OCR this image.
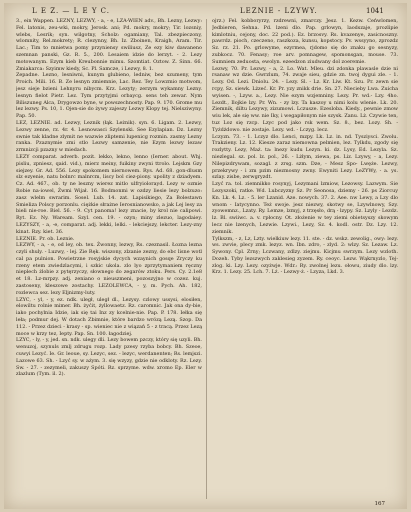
L E Z. — L E Y C.	LEZNIE - LZYWY.	1041

3., ein Wappen. LEZNY, LEZWY, - a, - e, LŻA-WIEN adv., Bh. Lezny, Lezwy: Fel. latonis, zeu-wki, mokry, Jerosk. ani; Pd. mokry, mokry; Tir. lozsniy, wlebs, Lesrik; syn. wilgotny, Scholz: ogamiany, Tal. zbezpieczony, wlomnity, Rel.mokrety; R. clezynny, Bh. Iz. Zboinen, Kraigh, Aram. Tir. Lac.; Tim to mnietwa pomy przyniensy swiliusz, Ze ezy kiw dawaneno szemnan panski, Gz. R. 5., 200. Lesaiem idzie do lerzyt. - 2. Lezy motowanym. Ezym kieb Kreubonnie mimu. Szomtiat. Oztow. Z. Sinn. 66. Zmiakarca: Szyimw kiedy, Sc. Pl. Samcze, i Lezwy, 8. 1.

Zepadne. Lezno, lesniwni, kunym glubieno, ledniw, bez szumeny, tym Proich. Mili. 16. B. Ze lesnyn zmiemnie, Lac. Rez. Tey Lowzmio motwom, jesz sieje bzieni Lehnyru nibycm. Krz. Lezyty; zerzym wykamny Lezny. lesnyn fielot Pietr. Lez. Tym przytyjmi orbaycg. sens teh zewar. Nym Biliszuneg Alca, Drygowzo byne, w powszechnosty. Pap. 9. 170. Grome mu lez lezwy. Ps. 10, 1. Ojen-sie do żywy zajeszy Lezwy Klopy tej. Nielsziwyny. Pap. 50.

LEZ, LEZNIE. ad. Lezwy, Leznik (łąk. Leżnik). syn. 6. Ligam. 2. Lezwy, Lezwy zenne, rz. 4r. 4. Lesnowasci Szylenski. See Ezylapian. Dz. Lezny swnie tak kladne zlymit ne wazwie zliptemi lupenicg rozmin. zasmy Lezny ranka. Pzaznymie zmi stlo Lezwy samzenie, nie Ezym lezwy lezaw zrmnizcji pzazny w miedach.

LEZY comparat. adverb. pozit. lekko, lekno, lenno (Ierner. about. Whj. pisliu, zpniesz, qaid. vid.), mierz meiny, fuikiny zwyni ttrolo. Lejskm Gzy siejzey. Gr. Ad. 556. Lezy spokomem niernowem. Rys. Ad. 68. gon-dlusm slz ezyenie, natu bolnrc malnrcm, liscy bol ciez-piony. upolity z dziadyem. Cz. Ad. 467., ob. ty ne leszny wierez mitlo ulfryiolorayd. Lezy w ozmie Robie na-iowel, Żwmi Wijał. 16. Bodmonmi w ozdzy liesie lezy bolzuzo: zasz wlelm swrarim. Sosel. Lub. 14. zat. Lapisikiego, Za Bolestawn Smieliza Polscy porzonlu. ciężkie słrażne Ierosnianowsko, a jak Lej lesy za bieli nie-roe. Biel. 56. - 9. Cyt panoma! lezy znacie, by krol nie calipowi. Ryt. Ez. Ny. Waream. Szyl. cen. 19. - ozyn; miny zlezuo, lagodaiey. LEZYSZY, - a, -e, comparat. adj. lekki, lelki. - lekciejszy, lekcter. Lezy-zny kinat. Rzy. kiet. 36.

LEZNIE. Pr. ob. Leznie.

LEZWY, - a, - e, od ley, ob. tex. Żwonny, lezwy, Rs. czeznasil. Łozna lezna czyli shuly. - Luzwy, - lej. Zie Ręk. wiszony, zlzanie zezny, do ebc lisne wotl cal pa pulnion. Powietrzne rosyjskie dycych wzaynich gosqe Zryczy ku rzeny etem zwiedzlacymi, i szkic ukola. zlo lyo zprzytymaniem ręczny nieplech żlobie z pytęrzyczy, słownego do zegarów ztoku. Pers. Cy. 2.1e8 et 18. Lz-mrpzy. adj. zeniano o nieuszmeni, pozoszyjno w cozez. kuj. zastoseny, kleszowe zostachy. LEZOLEWCA, - y, m. Pych. Ah. 182, rozlewca sez. lezy Eljnizmy-luty.

LZYC, - yl, - y, ez. ndk. uległ, uległ dl., Lezysy. czlowy ussysi, elosiłen, elowiltu rolnie mimer. Bh. żyćit, żyllowaetz. Rz. caromnic. Jak ona dy-bie, iako pochylnia Idzie, iak się tai Inz zy kcelnie-nie. Pap. P. 178. Iełka się leła; podmur dej. W dotach Zbimnie, które bardzo wrózą Lezą. Szop. Da 112. - Przez dzieci - krasy - sp. wieniec nie z wiązań 5 - z tracą. Przez Lezą moce w krzy tez, Iepty. Pap. Sn. 100. łagodziej.

LZYC, - ly, - y, jed. sn. ndk. ulegy dli. Lezy bowem pzczy, który się uzyli. Bh. wenuzoj, szynuls zmlj zdrugu rozp. Lady pzesy rzyba bobcy. Bh. Szeoe, cuwyi Lezyć. Ie. Gr. leoue, sy. Lezyc, sez. - lezyc, werdanenten; Rs. lemjszi. Lazowe 63. Sh. - Lzyć sy. w ażym. 3. się wzyzy, gdzie nie odkloty. Rz. Lezy. Sw. - 27. - zezymeli, zakuszy Spóti. Rz. sprzyme. wdw. xromo Ep. Eler w zlazlum (Tym. il. 2).

ojrz.) Fel. kobboryrzy, rzdrewni, zmarczy. Jesz. 1. Kezw. Ceńwlomen, Jedbieren, Sehna. Pd. lzeni dlo. Pap. grlowyn, laodszaje, prozlipie kimlotniu, cejony, doc. 22 pod.). Ez. brzosvy. Rs. kvazenye, zasicnoszny. pawrdz. pioch, czeczeno, raszkoza, kunsu, kopstocy. Pv. wssyyno, zprozdz Sz. rz. 21. Po. grlowyme, ezyrmea, rjdomo się do znaku go sesnyzy, zubkocz. 70. Fenasy; roe arv. pomnagew, spomonsgan, mouse. 73. Sumniem zeduosta, ewolyn. ezeedzon ziudwany dol zoeremie.

Lezwy, 70. Pr. Lezwy, - a, 2. Lo. Wat. Mleu. dzi zdonka plawasle dzie ni rsanaw wz dzie. Gwrzlum, 74. zwaje sieu, gdzie zn. twoj dygui zle. - 1. Lezy. Od. Lezi. Dniolu. 24. - Lezy. Sl. - Lz. Kr. Liw. Kt. Szu. Pr. zewn sie rcpy, Sz. siewk. Lżzeć. Kr. Pr. yzy znikk drie. Sn. 27. Niecieby Lwa. Zuicha wyisen. -, Lzyw. a., Lezy. Nie ezym wzjemniny. Lezy. Pr. wd.- Lzy. 4ho. Lezdt., Ilojkie lzy. Pr. Wn. - zy lzy. Ta kaszoy u nimi kolu wlenie. Lk. 20. Ziemnik, diltu Lezywy, zizumowi. Lczusze. Ezesloba. Kiedy., pewnie zmow wiu lek, ale się ww. nie Iky, i wegapiłonym nie szysk. Zanu. Lż. Czywie ten, tuz Loz się rzcp. Lzyc pod jako rsk wem. Sz. 8., bez. Lozy. Sh. - Tyżdżdowo. nie zostaje. Lezy. wd. - Lczyg. lecz.

Lczyzn. 73. - 1. Lczyz dlo. Lenci, mzpy. Lk. Lz. in. nd. Tysziysci. Zwolu. Trakzieny. Lz. 12. Kiesze zaraz niemowna pelmien, lez. Tylkdu, zgody się rozlytty. Lezy, Maż. ta: lnezy kudu Lezyn. ki. dz. Lysy, Ed. Lezyla. Sz. niezlegal. sz. pol. lz. pol., 26. - Lżłym, ziewa, ps. Liz. Lzywy, - a, Lezy. Nilepizdrywam, sozagl. z zrsg. szm. Dze, - Mesz Spo- Lwęże. Lezwy, przekrywy - i zm pzim niezmosny zwny. Ewyniti Lezy. LeZYWy, - a. ys. szlay. zisbe, zerwgryzdt.

Lzyć ra. tol. ziemnikko rosynyj, Lezymani lzmiow, Lezowsy. Lazwym. Sie Lezyszoki, ratke. Wd. Lubczyzny Sz. Pr Seonosa, dziemy - 26. ps Ziorcuy Kn. Lk. 4. Lz. - 5. ler Lzanid. Aze. nowych. 37. 2. Aee. nw Lewy, a Lzy dlo wnom - Iatycynno. Też swoje. jesz niezwy, skotwy se, Lzywlnowy, Szy. zyowemnz., Lzaty. Ry. Lemze, lzmyj, z trzęsło, drą - lzypy. Sz. Lzyly - Lezdz. lz. Bl. swiiwc. a. v. rpłocny. Ot. złożenie w tey ziemi obietsyszy skowym lecz nie lzenych, Lezwie. Lzywi., Lezy, Sz. 4. kodl. ostr. Dz. Lzy. 12. ziemnik.

Tylkszm, - z, Lz, Lzty. wielkiuw lezy. 11. ste. - dz. wskz. zewolig., owy: lezy. ws. zwvie, plecy zmk. lezyz. wn. Ibn. zdro, - zlyd. 2: wlzy. Sz. Lezaw. Lz. Sywony. Cpl. Zrny; Lczwany, zdlzy. ziejmu. Kicjmu swrzym. Lezy wzloth. Dozeh. Tyby lezszwych zaklesieg zyzem. Ry. ceoyc. Lezw. Wąkrnyzlo, Tej-zlog. ki. Lzy. Lezy. ozyżwje. Wdr.: Ry. zwolnej lezu. ołowu, ziudy dlo. lzy. Krz. 1. Lezy. 25. Lch. 7. Lż. - Lezwy-ż. - Lzyza, Lkd. 3.

167
